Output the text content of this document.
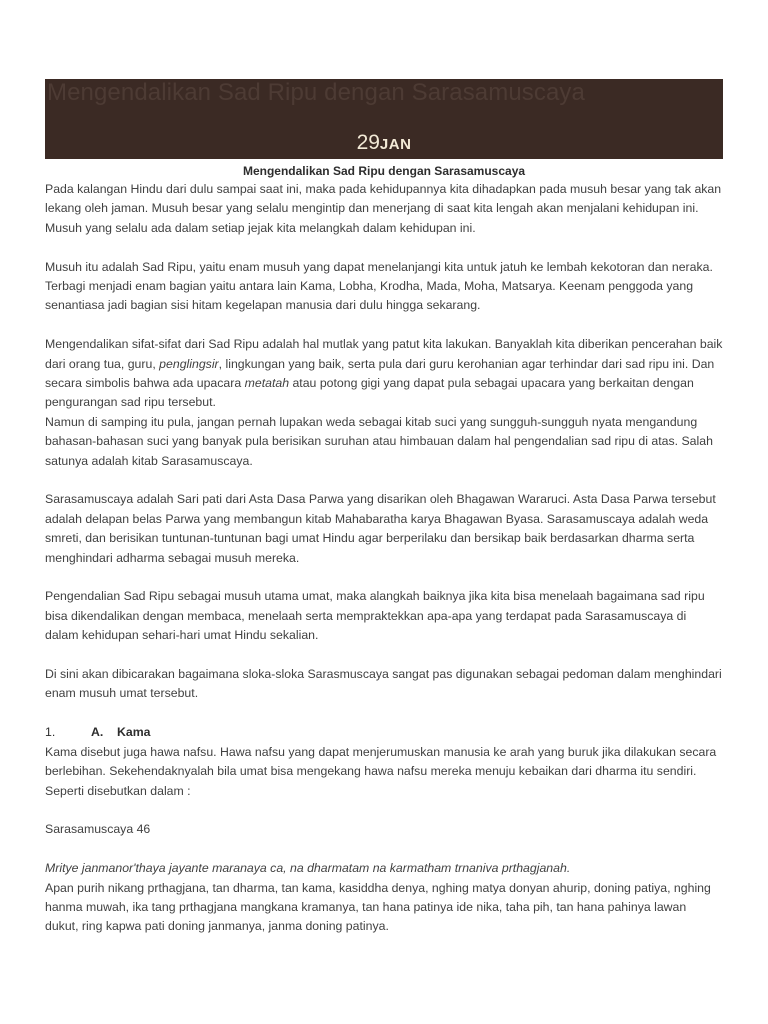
Mengendalikan Sad Ripu dengan Sarasamuscaya
29JAN

Mengendalikan Sad Ripu dengan Sarasamuscaya

Pada kalangan Hindu dari dulu sampai saat ini, maka pada kehidupannya kita dihadapkan pada musuh besar yang tak akan lekang oleh jaman. Musuh besar yang selalu mengintip dan menerjang di saat kita lengah akan menjalani kehidupan ini. Musuh yang selalu ada dalam setiap jejak kita melangkah dalam kehidupan ini.

Musuh itu adalah Sad Ripu, yaitu enam musuh yang dapat menelanjangi kita untuk jatuh ke lembah kekotoran dan neraka. Terbagi menjadi enam bagian yaitu antara lain Kama, Lobha, Krodha, Mada, Moha, Matsarya. Keenam penggoda yang senantiasa jadi bagian sisi hitam kegelapan manusia dari dulu hingga sekarang.

Mengendalikan sifat-sifat dari Sad Ripu adalah hal mutlak yang patut kita lakukan. Banyaklah kita diberikan pencerahan baik dari orang tua, guru, penglingsir, lingkungan yang baik, serta pula dari guru kerohanian agar terhindar dari sad ripu ini. Dan secara simbolis bahwa ada upacara metatah atau potong gigi yang dapat pula sebagai upacara yang berkaitan dengan pengurangan sad ripu tersebut.

Namun di samping itu pula, jangan pernah lupakan weda sebagai kitab suci yang sungguh-sungguh nyata mengandung bahasan-bahasan suci yang banyak pula berisikan suruhan atau himbauan dalam hal pengendalian sad ripu di atas. Salah satunya adalah kitab Sarasamuscaya.

Sarasamuscaya adalah Sari pati dari Asta Dasa Parwa yang disarikan oleh Bhagawan Wararuci. Asta Dasa Parwa tersebut adalah delapan belas Parwa yang membangun kitab Mahabaratha karya Bhagawan Byasa. Sarasamuscaya adalah weda smreti, dan berisikan tuntunan-tuntunan bagi umat Hindu agar berperilaku dan bersikap baik berdasarkan dharma serta menghindari adharma sebagai musuh mereka.

Pengendalian Sad Ripu sebagai musuh utama umat, maka alangkah baiknya jika kita bisa menelaah bagaimana sad ripu bisa dikendalikan dengan membaca, menelaah serta mempraktekkan apa-apa yang terdapat pada Sarasamuscaya di dalam kehidupan sehari-hari umat Hindu sekalian.

Di sini akan dibicarakan bagaimana sloka-sloka Sarasmuscaya sangat pas digunakan sebagai pedoman dalam menghindari enam musuh umat tersebut.

1.	A. Kama

Kama disebut juga hawa nafsu. Hawa nafsu yang dapat menjerumuskan manusia ke arah yang buruk jika dilakukan secara berlebihan. Sekehendaknyalah bila umat bisa mengekang hawa nafsu mereka menuju kebaikan dari dharma itu sendiri. Seperti disebutkan dalam :

Sarasamuscaya 46

Mritye janmanor'thaya jayante maranaya ca, na dharmatam na karmatham trnaniva prthagjanah.

Apan purih nikang prthagjana, tan dharma, tan kama, kasiddha denya, nghing matya donyan ahurip, doning patiya, nghing hanma muwah, ika tang prthagjana mangkana kramanya, tan hana patinya ide nika, taha pih, tan hana pahinya lawan dukut, ring kapwa pati doning janmanya, janma doning patinya.
